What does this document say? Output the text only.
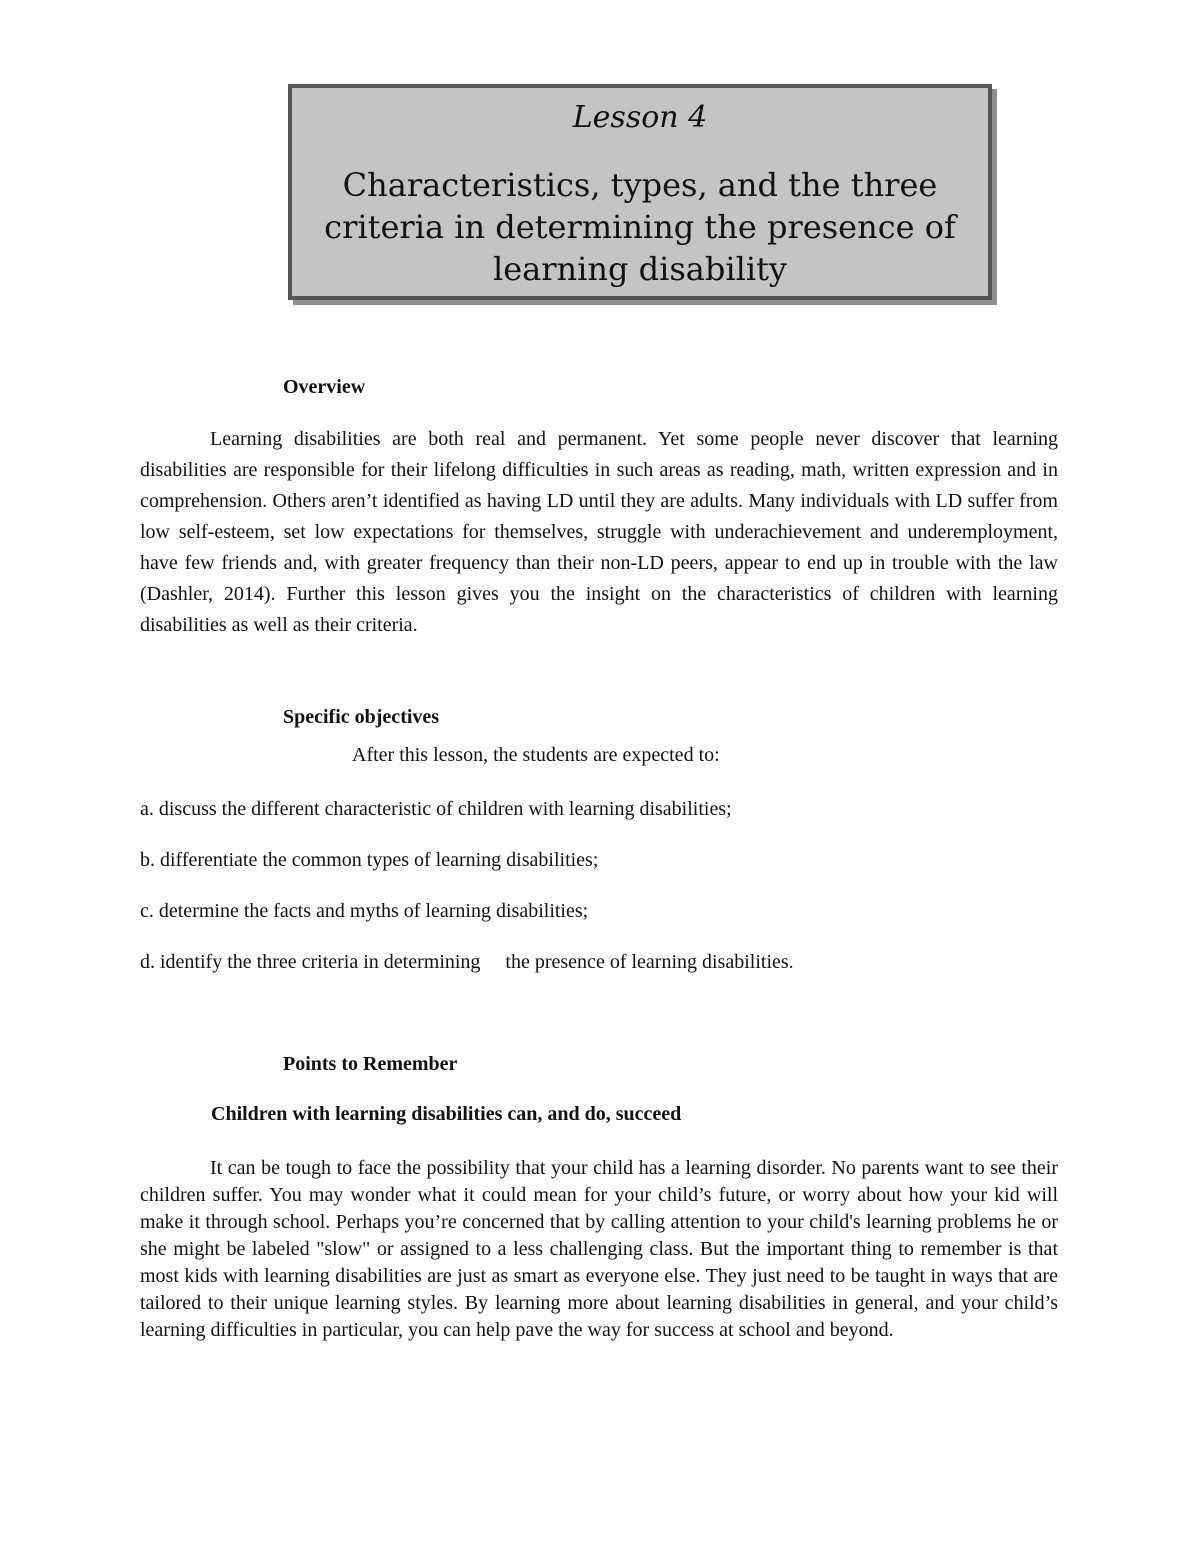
Lesson 4
Characteristics, types, and the three criteria in determining the presence of learning disability
Overview

Learning disabilities are both real and permanent. Yet some people never discover that learning disabilities are responsible for their lifelong difficulties in such areas as reading, math, written expression and in comprehension. Others aren’t identified as having LD until they are adults. Many individuals with LD suffer from low self-esteem, set low expectations for themselves, struggle with underachievement and underemployment, have few friends and, with greater frequency than their non-LD peers, appear to end up in trouble with the law (Dashler, 2014). Further this lesson gives you the insight on the characteristics of children with learning disabilities as well as their criteria.

Specific objectives
After this lesson, the students are expected to:
a. discuss the different characteristic of children with learning disabilities;
b. differentiate the common types of learning disabilities;
c. determine the facts and myths of learning disabilities;
d. identify the three criteria in determining     the presence of learning disabilities.
Points to Remember
Children with learning disabilities can, and do, succeed

It can be tough to face the possibility that your child has a learning disorder. No parents want to see their children suffer. You may wonder what it could mean for your child’s future, or worry about how your kid will make it through school. Perhaps you’re concerned that by calling attention to your child's learning problems he or she might be labeled "slow" or assigned to a less challenging class. But the important thing to remember is that most kids with learning disabilities are just as smart as everyone else. They just need to be taught in ways that are tailored to their unique learning styles. By learning more about learning disabilities in general, and your child’s learning difficulties in particular, you can help pave the way for success at school and beyond.
